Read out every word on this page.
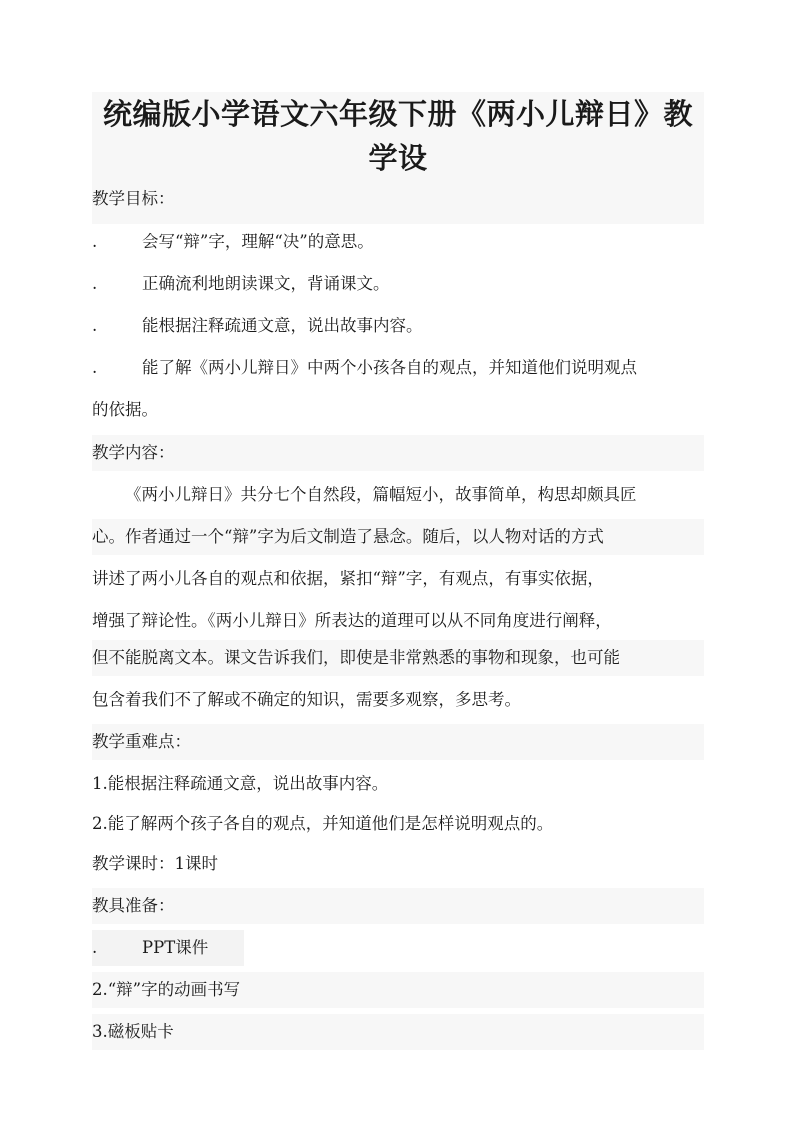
统编版小学语文六年级下册《两小儿辩日》教学设
教学目标：
.	会写“辩”字，理解“决”的意思。
.	正确流利地朗读课文，背诵课文。
.	能根据注释疏通文意，说出故事内容。
.	能了解《两小儿辩日》中两个小孩各自的观点，并知道他们说明观点
的依据。
教学内容：
《两小儿辩日》共分七个自然段，篇幅短小，故事简单，构思却颇具匠
心。作者通过一个“辩”字为后文制造了悬念。随后，以人物对话的方式
讲述了两小儿各自的观点和依据，紧扣“辩”字，有观点，有事实依据，
增强了辩论性。《两小儿辩日》所表达的道理可以从不同角度进行阐释，
但不能脱离文本。课文告诉我们，即使是非常熟悉的事物和现象，也可能
包含着我们不了解或不确定的知识，需要多观察，多思考。
教学重难点：
1.能根据注释疏通文意，说出故事内容。
2.能了解两个孩子各自的观点，并知道他们是怎样说明观点的。
教学课时：1课时
教具准备：
.	PPT课件
2.“辩”字的动画书写
3.磁板贴卡
